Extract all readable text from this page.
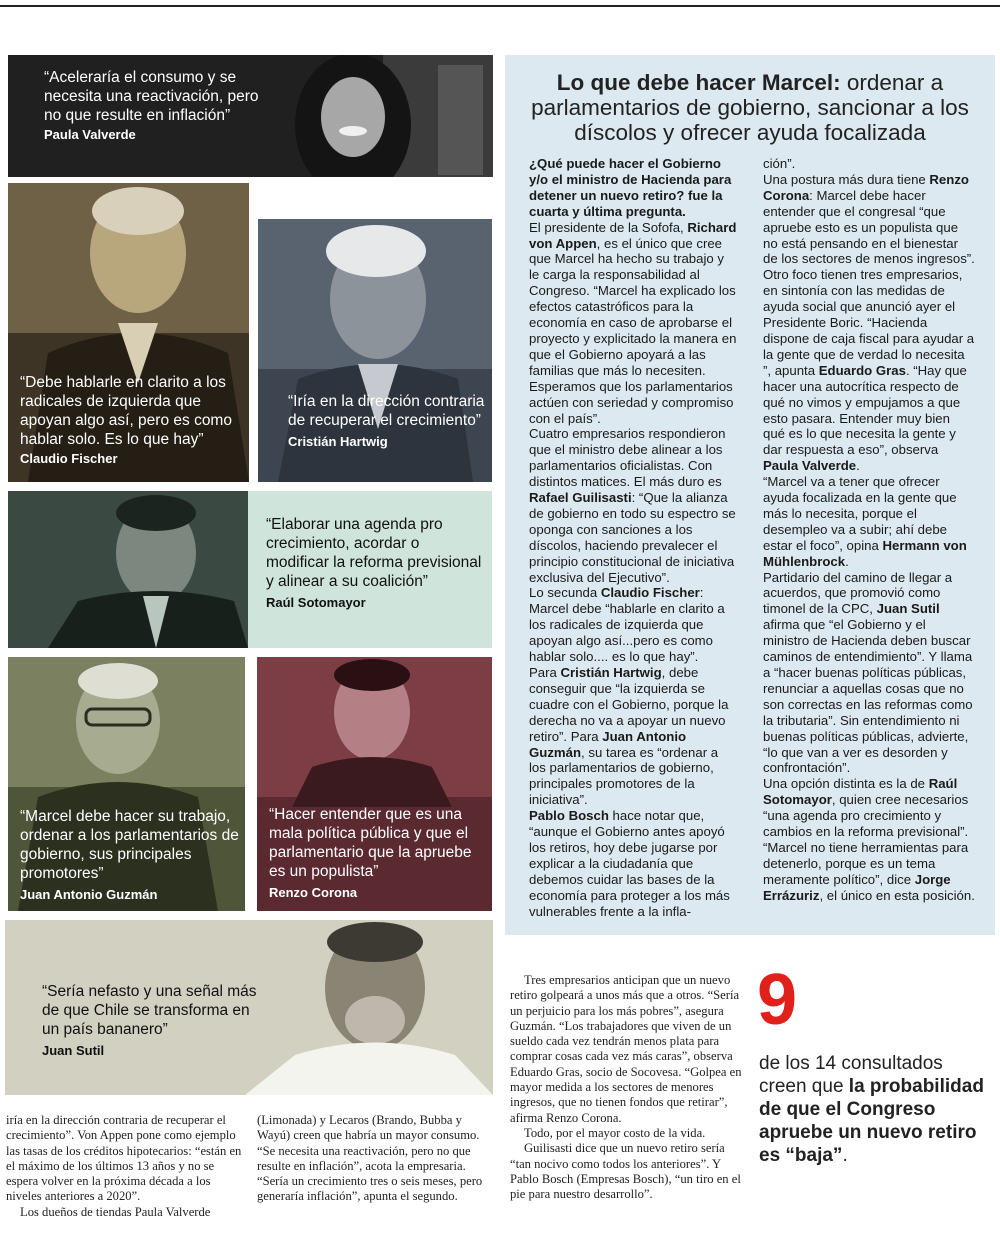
“Aceleraría el consumo y se necesita una reactivación, pero no que resulte en inflación” Paula Valverde
“Debe hablarle en clarito a los radicales de izquierda que apoyan algo así, pero es como hablar solo. Es lo que hay” Claudio Fischer
“Iría en la dirección contraria de recuperar el crecimiento”
Cristián Hartwig
“Elaborar una agenda pro crecimiento, acordar o modificar la reforma previsional y alinear a su coalición”
Raúl Sotomayor
“Marcel debe hacer su trabajo, ordenar a los parlamentarios de gobierno, sus principales promotores”
Juan Antonio Guzmán
“Hacer entender que es una mala política pública y que el parlamentario que la apruebe es un populista”
Renzo Corona
“Sería nefasto y una señal más de que Chile se transforma en un país bananero”
Juan Sutil
Lo que debe hacer Marcel: ordenar a parlamentarios de gobierno, sancionar a los díscolos y ofrecer ayuda focalizada

¿Qué puede hacer el Gobierno y/o el ministro de Hacienda para detener un nuevo retiro? fue la cuarta y última pregunta.

El presidente de la Sofofa, Richard von Appen, es el único que cree que Marcel ha hecho su trabajo y le carga la responsabilidad al Congreso. “Marcel ha explicado los efectos catastróficos para la economía en caso de aprobarse el proyecto y explicitado la manera en que el Gobierno apoyará a las familias que más lo necesiten. Esperamos que los parlamentarios actúen con seriedad y compromiso con el país”.

Cuatro empresarios respondieron que el ministro debe alinear a los parlamentarios oficialistas. Con distintos matices. El más duro es Rafael Guilisasti: “Que la alianza de gobierno en todo su espectro se oponga con sanciones a los díscolos, haciendo prevalecer el principio constitucional de iniciativa exclusiva del Ejecutivo”.

Lo secunda Claudio Fischer: Marcel debe “hablarle en clarito a los radicales de izquierda que apoyan algo así...pero es como hablar solo.... es lo que hay”.

Para Cristián Hartwig, debe conseguir que “la izquierda se cuadre con el Gobierno, porque la derecha no va a apoyar un nuevo retiro”. Para Juan Antonio Guzmán, su tarea es “ordenar a los parlamentarios de gobierno, principales promotores de la iniciativa”.

Pablo Bosch hace notar que, “aunque el Gobierno antes apoyó los retiros, hoy debe jugarse por explicar a la ciudadanía que debemos cuidar las bases de la economía para proteger a los más vulnerables frente a la infla-

ción”.

Una postura más dura tiene Renzo Corona: Marcel debe hacer entender que el congresal “que apruebe esto es un populista que no está pensando en el bienestar de los sectores de menos ingresos”.

Otro foco tienen tres empresarios, en sintonía con las medidas de ayuda social que anunció ayer el Presidente Boric. “Hacienda dispone de caja fiscal para ayudar a la gente que de verdad lo necesita ”, apunta Eduardo Gras. “Hay que hacer una autocrítica respecto de qué no vimos y empujamos a que esto pasara. Entender muy bien qué es lo que necesita la gente y dar respuesta a eso”, observa Paula Valverde.

“Marcel va a tener que ofrecer ayuda focalizada en la gente que más lo necesita, porque el desempleo va a subir; ahí debe estar el foco”, opina Hermann von Mühlenbrock.

Partidario del camino de llegar a acuerdos, que promovió como timonel de la CPC, Juan Sutil afirma que “el Gobierno y el ministro de Hacienda deben buscar caminos de entendimiento”. Y llama a “hacer buenas políticas públicas, renunciar a aquellas cosas que no son correctas en las reformas como la tributaria”. Sin entendimiento ni buenas políticas públicas, advierte, “lo que van a ver es desorden y confrontación”.

Una opción distinta es la de Raúl Sotomayor, quien cree necesarios “una agenda pro crecimiento y cambios en la reforma previsional”.

“Marcel no tiene herramientas para detenerlo, porque es un tema meramente político”, dice Jorge Errázuriz, el único en esta posición.

iría en la dirección contraria de recuperar el crecimiento”. Von Appen pone como ejemplo las tasas de los créditos hipotecarios: “están en el máximo de los últimos 13 años y no se espera volver en la próxima década a los niveles anteriores a 2020”.

Los dueños de tiendas Paula Valverde

(Limonada) y Lecaros (Brando, Bubba y Wayú) creen que habría un mayor consumo. “Se necesita una reactivación, pero no que resulte en inflación”, acota la empresaria. “Sería un crecimiento tres o seis meses, pero generaría inflación”, apunta el segundo.

Tres empresarios anticipan que un nuevo retiro golpeará a unos más que a otros. “Sería un perjuicio para los más pobres”, asegura Guzmán. “Los trabajadores que viven de un sueldo cada vez tendrán menos plata para comprar cosas cada vez más caras”, observa Eduardo Gras, socio de Socovesa. “Golpea en mayor medida a los sectores de menores ingresos, que no tienen fondos que retirar”, afirma Renzo Corona.

Todo, por el mayor costo de la vida.

Guilisasti dice que un nuevo retiro sería “tan nocivo como todos los anteriores”. Y Pablo Bosch (Empresas Bosch), “un tiro en el pie para nuestro desarrollo”.

9
de los 14 consultados creen que la probabilidad de que el Congreso apruebe un nuevo retiro es “baja”.
